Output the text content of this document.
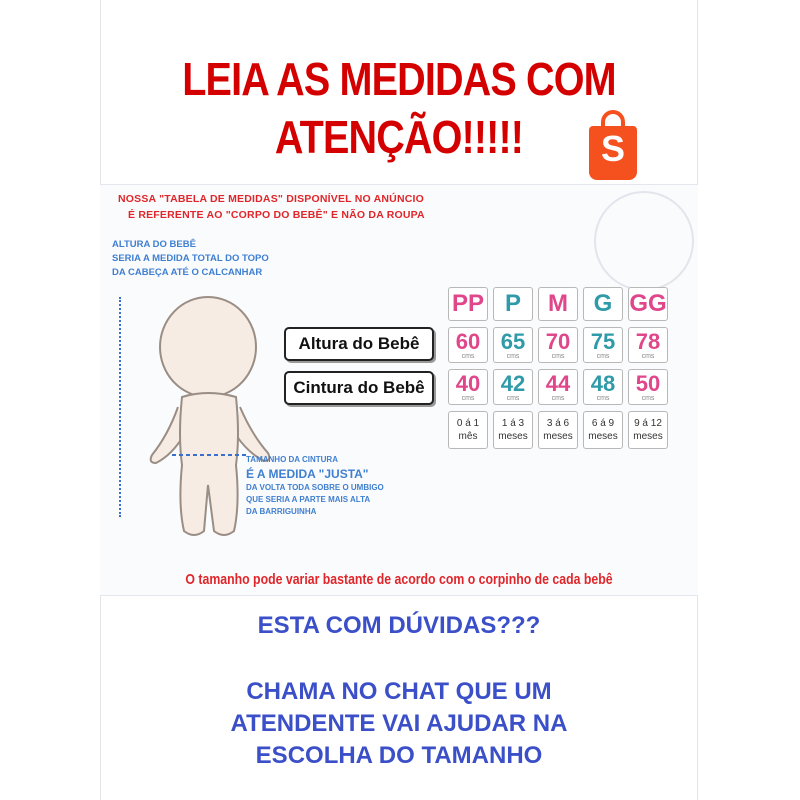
LEIA AS MEDIDAS COM
ATENÇÃO!!!!!	S
NOSSA "TABELA DE MEDIDAS" DISPONÍVEL NO ANÚNCIO
É REFERENTE AO "CORPO DO BEBÊ" E NÃO DA ROUPA
ALTURA DO BEBÊ
SERIA A MEDIDA TOTAL DO TOPO
DA CABEÇA ATÉ O CALCANHAR
TAMANHO DA CINTURA
É A MEDIDA "JUSTA"
DA VOLTA TODA SOBRE O UMBIGO
QUE SERIA A PARTE MAIS ALTA
DA BARRIGUINHA
Altura do Bebê
Cintura do Bebê
PP
60
cms
40
cms
0 á 1
mês
P
65
cms
42
cms
1 á 3
meses
M
70
cms
44
cms
3 á 6
meses
G
75
cms
48
cms
6 á 9
meses
GG
78
cms
50
cms
9 á 12
meses
O tamanho pode variar bastante de acordo com o corpinho de cada bebê
ESTA COM DÚVIDAS???
CHAMA NO CHAT QUE UM
ATENDENTE VAI AJUDAR NA
ESCOLHA DO TAMANHO
